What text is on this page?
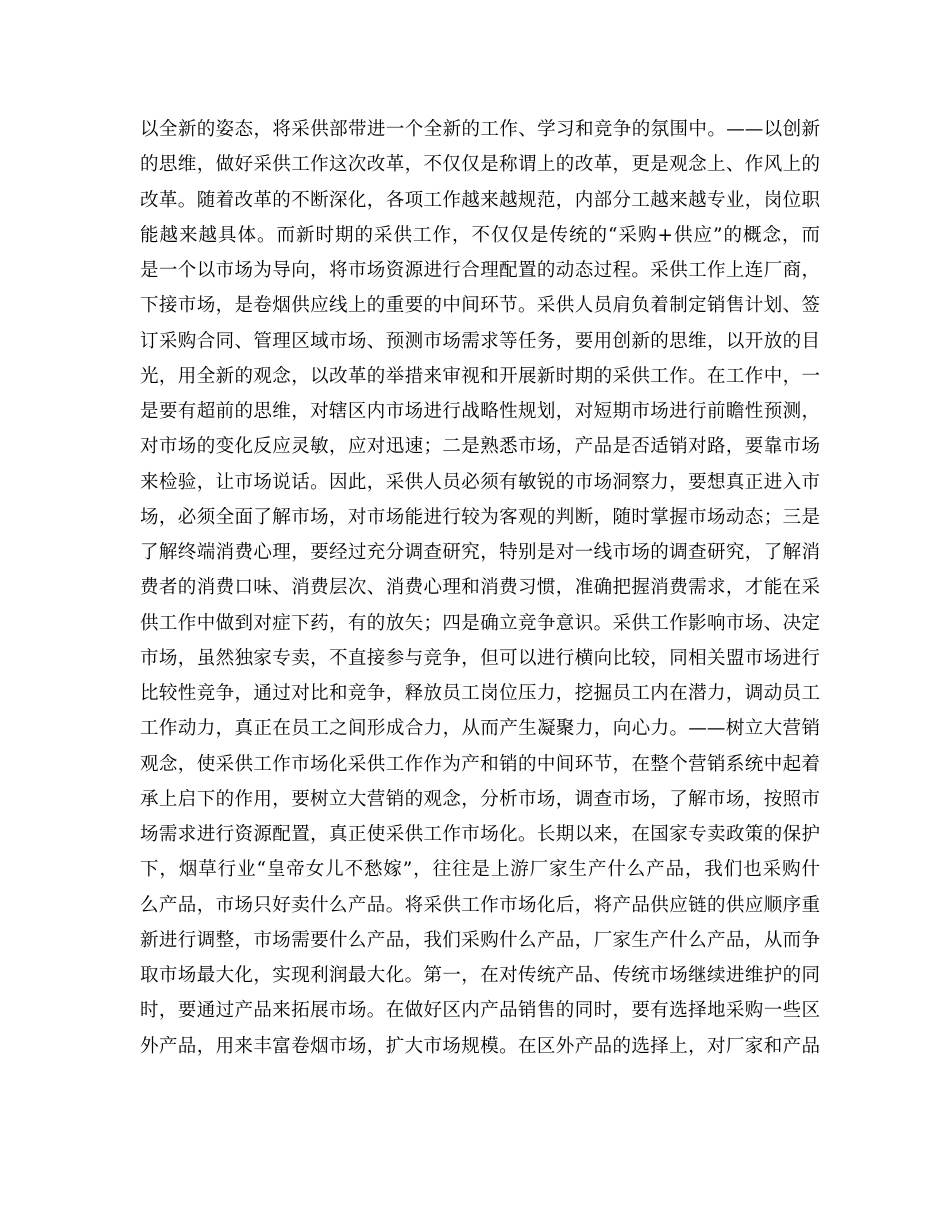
以全新的姿态，将采供部带进一个全新的工作、学习和竞争的氛围中。——以创新
的思维，做好采供工作这次改革，不仅仅是称谓上的改革，更是观念上、作风上的
改革。随着改革的不断深化，各项工作越来越规范，内部分工越来越专业，岗位职
能越来越具体。而新时期的采供工作，不仅仅是传统的“采购+供应”的概念，而
是一个以市场为导向，将市场资源进行合理配置的动态过程。采供工作上连厂商，
下接市场，是卷烟供应线上的重要的中间环节。采供人员肩负着制定销售计划、签
订采购合同、管理区域市场、预测市场需求等任务，要用创新的思维，以开放的目
光，用全新的观念，以改革的举措来审视和开展新时期的采供工作。在工作中，一
是要有超前的思维，对辖区内市场进行战略性规划，对短期市场进行前瞻性预测，
对市场的变化反应灵敏，应对迅速；二是熟悉市场，产品是否适销对路，要靠市场
来检验，让市场说话。因此，采供人员必须有敏锐的市场洞察力，要想真正进入市
场，必须全面了解市场，对市场能进行较为客观的判断，随时掌握市场动态；三是
了解终端消费心理，要经过充分调查研究，特别是对一线市场的调查研究，了解消
费者的消费口味、消费层次、消费心理和消费习惯，准确把握消费需求，才能在采
供工作中做到对症下药，有的放矢；四是确立竞争意识。采供工作影响市场、决定
市场，虽然独家专卖，不直接参与竞争，但可以进行横向比较，同相关盟市场进行
比较性竞争，通过对比和竞争，释放员工岗位压力，挖掘员工内在潜力，调动员工
工作动力，真正在员工之间形成合力，从而产生凝聚力，向心力。——树立大营销
观念，使采供工作市场化采供工作作为产和销的中间环节，在整个营销系统中起着
承上启下的作用，要树立大营销的观念，分析市场，调查市场，了解市场，按照市
场需求进行资源配置，真正使采供工作市场化。长期以来，在国家专卖政策的保护
下，烟草行业“皇帝女儿不愁嫁”，往往是上游厂家生产什么产品，我们也采购什
么产品，市场只好卖什么产品。将采供工作市场化后，将产品供应链的供应顺序重
新进行调整，市场需要什么产品，我们采购什么产品，厂家生产什么产品，从而争
取市场最大化，实现利润最大化。第一，在对传统产品、传统市场继续进维护的同
时，要通过产品来拓展市场。在做好区内产品销售的同时，要有选择地采购一些区
外产品，用来丰富卷烟市场，扩大市场规模。在区外产品的选择上，对厂家和产品
